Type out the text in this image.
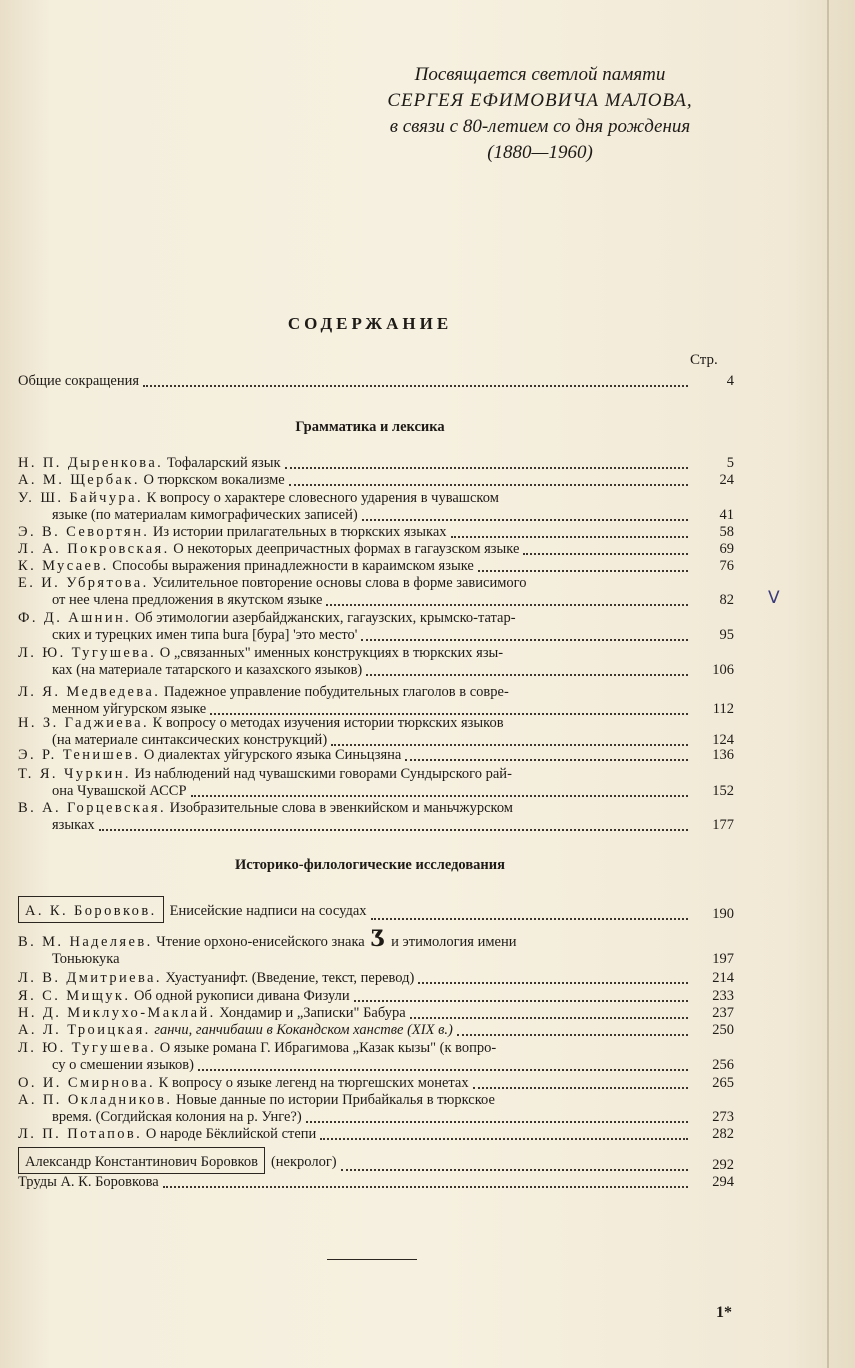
Посвящается светлой памяти
СЕРГЕЯ ЕФИМОВИЧА МАЛОВА,
в связи с 80-летием со дня рождения
(1880—1960)
СОДЕРЖАНИЕ
Стр.
Общие сокращения	4
Грамматика и лексика
Н. П. Дыренкова. Тофаларский язык	5
А. М. Щербак. О тюркском вокализме	24
У. Ш. Байчура. К вопросу о характере словесного ударения в чувашском
языке (по материалам кимографических записей)	41
Э. В. Севортян. Из истории прилагательных в тюркских языках	58
Л. А. Покровская. О некоторых деепричастных формах в гагаузском языке	69
К. Мусаев. Способы выражения принадлежности в караимском языке	76
Е. И. Убрятова. Усилительное повторение основы слова в форме зависимого
от нее члена предложения в якутском языке	82
Ф. Д. Ашнин. Об этимологии азербайджанских, гагаузских, крымско-татар-
ских и турецких имен типа bura [бура] 'это место'	95
Л. Ю. Тугушева. О „связанных" именных конструкциях в тюркских язы-
ках (на материале татарского и казахского языков)	106
Л. Я. Медведева. Падежное управление побудительных глаголов в совре-
менном уйгурском языке	112
Н. З. Гаджиева. К вопросу о методах изучения истории тюркских языков
(на материале синтаксических конструкций)	124
Э. Р. Тенишев. О диалектах уйгурского языка Синьцзяна	136
Т. Я. Чуркин. Из наблюдений над чувашскими говорами Сундырского рай-
она Чувашской АССР	152
В. А. Горцевская. Изобразительные слова в эвенкийском и маньчжурском
языках	177
Историко-филологические исследования
А. К. Боровков. Енисейские надписи на сосудах	190
В. М. Наделяев. Чтение орхоно-енисейского знака Ʒ и этимология имени
Тоньюкука	197
Л. В. Дмитриева. Хуастуанифт. (Введение, текст, перевод)	214
Я. С. Мищук. Об одной рукописи дивана Физули	233
Н. Д. Миклухо-Маклай. Хондамир и „Записки" Бабура	237
А. Л. Троицкая. ганчи, ганчибаши в Кокандском ханстве (XIX в.)	250
Л. Ю. Тугушева. О языке романа Г. Ибрагимова „Казак кызы" (к вопро-
су о смешении языков)	256
О. И. Смирнова. К вопросу о языке легенд на тюргешских монетах	265
А. П. Окладников. Новые данные по истории Прибайкалья в тюркское
время. (Согдийская колония на р. Унге?)	273
Л. П. Потапов. О народе Бёклийской степи	282
Александр Константинович Боровков (некролог)	292
Труды А. К. Боровкова	294
1*
V
